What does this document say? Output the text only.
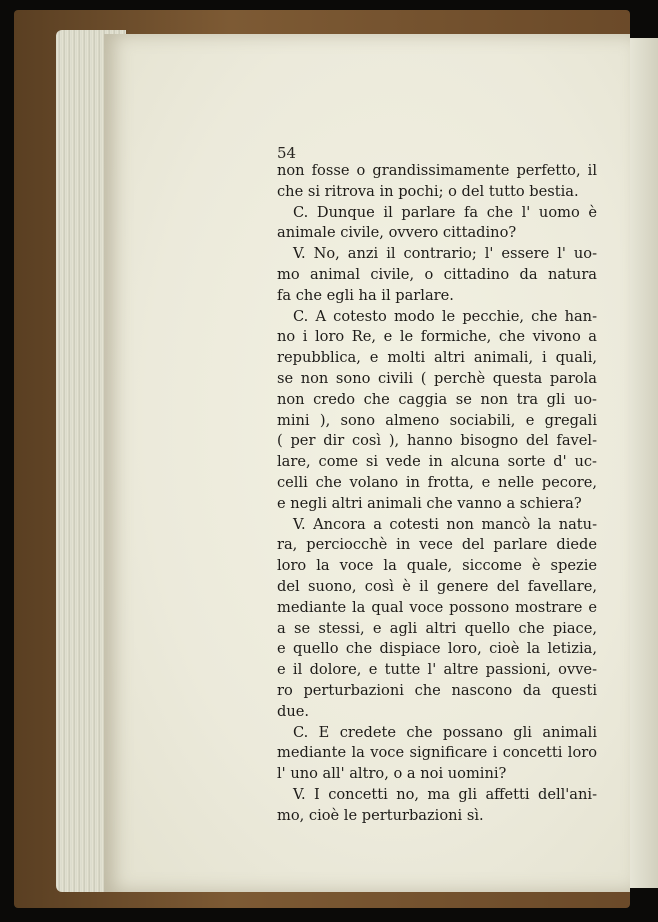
54
non fosse o grandissimamente perfetto, il
che si ritrova in pochi; o del tutto bestia.
C. Dunque il parlare fa che l' uomo è
animale civile, ovvero cittadino?
V. No, anzi il contrario; l' essere l' uo-
mo animal civile, o cittadino da natura
fa che egli ha il parlare.
C. A cotesto modo le pecchie, che han-
no i loro Re, e le formiche, che vivono a
repubblica, e molti altri animali, i quali,
se non sono civili ( perchè questa parola
non credo che caggia se non tra gli uo-
mini ), sono almeno sociabili, e gregali
( per dir così ), hanno bisogno del favel-
lare, come si vede in alcuna sorte d' uc-
celli che volano in frotta, e nelle pecore,
e negli altri animali che vanno a schiera?
V. Ancora a cotesti non mancò la natu-
ra, perciocchè in vece del parlare diede
loro la voce la quale, siccome è spezie
del suono, così è il genere del favellare,
mediante la qual voce possono mostrare e
a se stessi, e agli altri quello che piace,
e quello che dispiace loro, cioè la letizia,
e il dolore, e tutte l' altre passioni, ovve-
ro perturbazioni che nascono da questi
due.
C. E credete che possano gli animali
mediante la voce significare i concetti loro
l' uno all' altro, o a noi uomini?
V. I concetti no, ma gli affetti dell'ani-
mo, cioè le perturbazioni sì.
